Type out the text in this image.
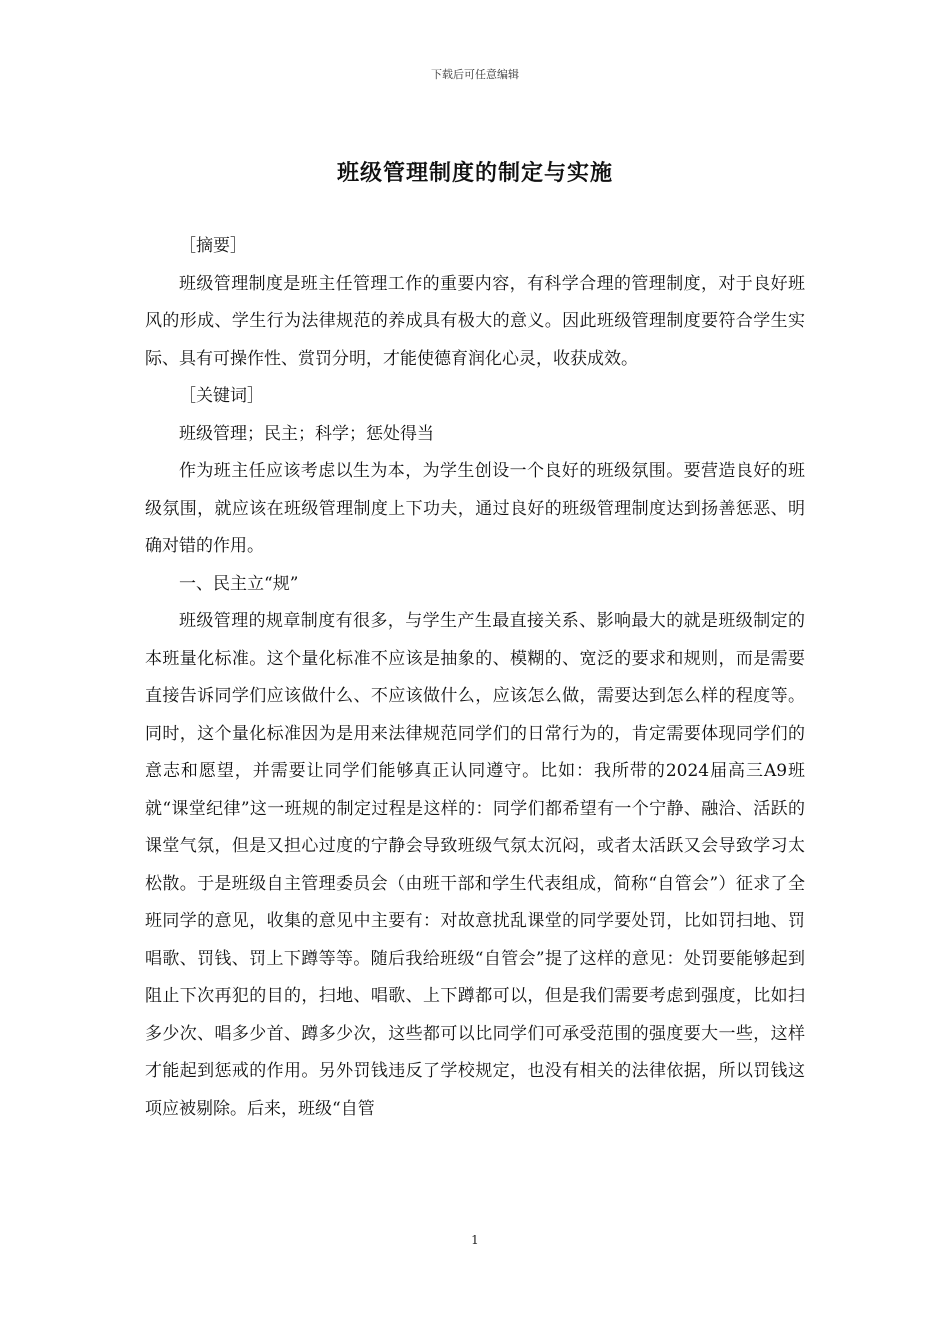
下载后可任意编辑
班级管理制度的制定与实施

［摘要］

班级管理制度是班主任管理工作的重要内容，有科学合理的管理制度，对于良好班风的形成、学生行为法律规范的养成具有极大的意义。因此班级管理制度要符合学生实际、具有可操作性、赏罚分明，才能使德育润化心灵，收获成效。

［关键词］

班级管理；民主；科学；惩处得当

作为班主任应该考虑以生为本，为学生创设一个良好的班级氛围。要营造良好的班级氛围，就应该在班级管理制度上下功夫，通过良好的班级管理制度达到扬善惩恶、明确对错的作用。

一、民主立“规”

班级管理的规章制度有很多，与学生产生最直接关系、影响最大的就是班级制定的本班量化标准。这个量化标准不应该是抽象的、模糊的、宽泛的要求和规则，而是需要直接告诉同学们应该做什么、不应该做什么，应该怎么做，需要达到怎么样的程度等。同时，这个量化标准因为是用来法律规范同学们的日常行为的，肯定需要体现同学们的意志和愿望，并需要让同学们能够真正认同遵守。比如：我所带的2024届高三A9班就“课堂纪律”这一班规的制定过程是这样的：同学们都希望有一个宁静、融洽、活跃的课堂气氛，但是又担心过度的宁静会导致班级气氛太沉闷，或者太活跃又会导致学习太松散。于是班级自主管理委员会（由班干部和学生代表组成，简称“自管会”）征求了全班同学的意见，收集的意见中主要有：对故意扰乱课堂的同学要处罚，比如罚扫地、罚唱歌、罚钱、罚上下蹲等等。随后我给班级“自管会”提了这样的意见：处罚要能够起到阻止下次再犯的目的，扫地、唱歌、上下蹲都可以，但是我们需要考虑到强度，比如扫多少次、唱多少首、蹲多少次，这些都可以比同学们可承受范围的强度要大一些，这样才能起到惩戒的作用。另外罚钱违反了学校规定，也没有相关的法律依据，所以罚钱这项应被剔除。后来，班级“自管

1
